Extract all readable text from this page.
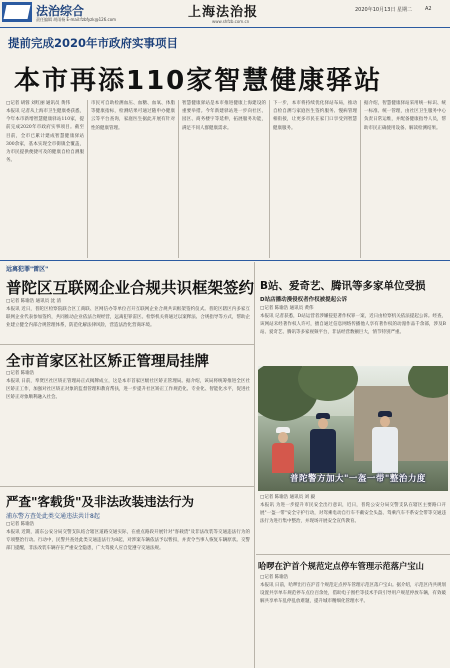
法治综合
责任编辑 胡雨杨 E-mail:fzbfyzk@126.com	上海法治报
www.shfzb.com.cn
2020年10月13日 星期二	A2
提前完成2020年市政府实事项目
本市再添110家智慧健康驿站
□记者 胡蓉 刘红丽 通讯员 黄伟
本报讯 记者从上海市卫生健康委获悉，今年本市新增智慧健康驿站110家，提前完成2020年市政府实事项目。截至目前，全市已累计建成智慧健康驿站300余家，基本实现全市街镇全覆盖，为市民提供便捷可及的健康自检自测服务。
市民可自助检测血压、血糖、血氧、体脂等健康指标，检测结果可通过随申办健康云等平台查询，家庭医生据此开展有针对性的健康管理。
智慧健康驿站是本市推进健康上海建设的重要举措。今年新建驿站进一步向社区、园区、商务楼宇等延伸，拓展服务功能，满足不同人群健康需求。
下一步，本市将持续优化驿站布局，推动自检自测与家庭医生签约服务、慢病管理相衔接，让更多市民在家门口享受到智慧健康服务。
据介绍，智慧健康驿站采用统一标识、统一标准、统一管理，由社区卫生服务中心负责日常运维，并配备健康指导人员，帮助市民正确使用设备、解读检测结果。
远离犯罪"雷区"
普陀区互联网企业合规共识框架签约
□记者 陈瑜浩 通讯员 沈 清
本报讯 近日，普陀区检察院联合区工商联、区网信办等单位召开互联网企业合规共识框架签约仪式。普陀区辖区内多家互联网企业代表参加签约，共同推动企业依法合规经营，远离犯罪雷区。检察机关将通过以案释法、合规指导等方式，帮助企业建立健全内部合规管理体系，防范化解法律风险，营造法治化营商环境。
B站、爱奇艺、腾讯等多家单位受损
D站店播动漫侵权者作权被提起公诉
□记者 陈瑜浩 通讯员 黄伟
本报讯 记者获悉，D站运营者涉嫌侵犯著作权罪一案，近日由检察机关依法提起公诉。经查，该网站未经著作权人许可，擅自通过信息网络传播他人享有著作权的动漫作品千余部，涉及B站、爱奇艺、腾讯等多家视频平台，非法经营数额巨大，情节特别严重。
全市首家区社区矫正管理局挂牌
□记者 陈瑜浩
本报讯 日前，奉贤区社区矫正管理局正式揭牌成立，这是本市首家区级社区矫正管理局。据介绍，该局将统筹推进全区社区矫正工作，加强对社区矫正对象的监督管理和教育帮扶，进一步提升社区矫正工作规范化、专业化、智能化水平，促进社区矫正对象顺利融入社会。
普陀警方加大"一盔一带"整治力度
□记者 陈瑜浩 通讯员 刘 毅
本报讯 为进一步提升市民安全出行意识，近日，普陀公安分局交警支队在辖区主要路口开展"一盔一带"安全守护行动，对驾乘电动自行车不戴安全头盔、驾乘汽车不系安全带等交通违法行为进行集中整治，并现场开展安全宣传教育。
严查"客载货"及非法改装违法行为
浦东警方查处此类交通违法共计8起
□记者 陈瑜浩
本报讯 近期，浦东公安分局交警支队结合辖区道路交通实际，在重点路段开展针对"客载货"及非法改装等交通违法行为的专项整治行动。行动中，民警共查处此类交通违法行为8起，对涉案车辆依法予以暂扣，并责令当事人恢复车辆原状。交警部门提醒，非法改装车辆存在严重安全隐患，广大驾驶人应自觉遵守交通法规。
哈啰在沪首个规范定点停车管理示范落户宝山
□记者 陈瑜浩
本报讯 日前，哈啰出行在沪首个规范定点停车管理示范区落户宝山。据介绍，示范区内共规划设置共享单车规范停车点位百余处，借助电子围栏等技术手段引导用户规范停放车辆，有效破解共享单车乱停乱放难题，提升城市精细化管理水平。
